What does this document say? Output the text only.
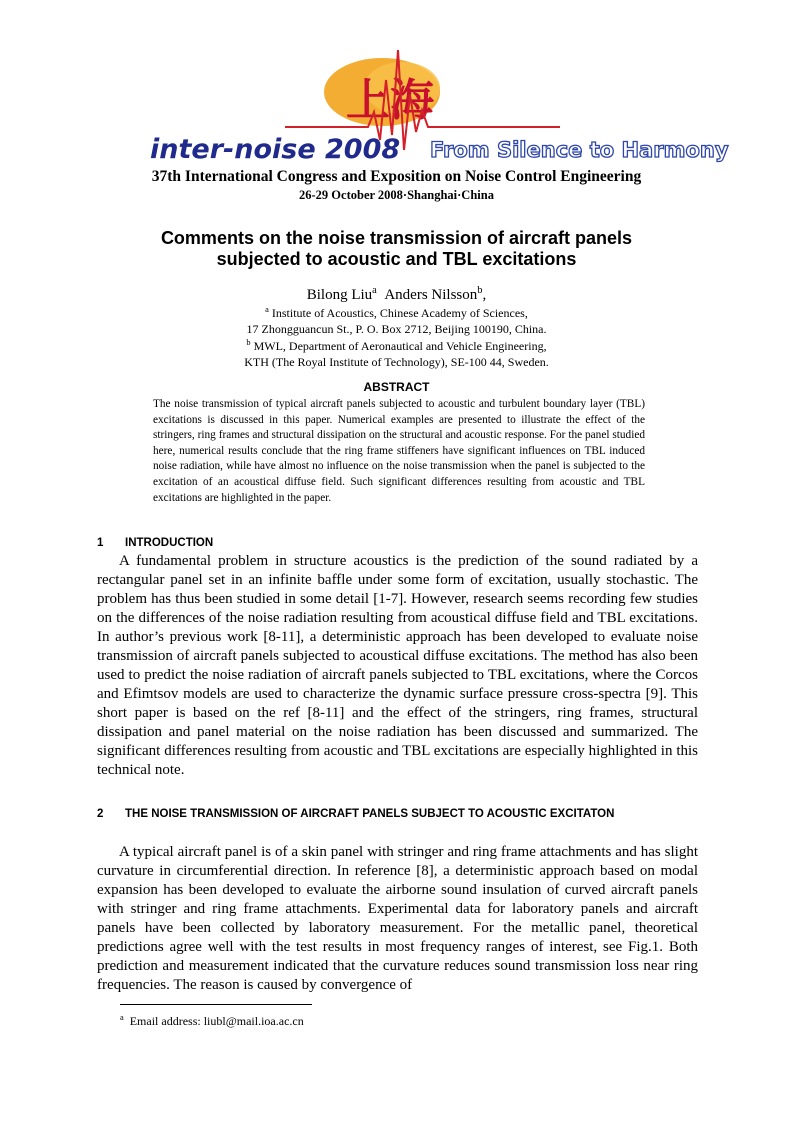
上海
inter-noise 2008 From Silence to Harmony
37th International Congress and Exposition on Noise Control Engineering
26-29 October 2008·Shanghai·China
Comments on the noise transmission of aircraft panels
subjected to acoustic and TBL excitations
Bilong Liu$^a$ Anders Nilsson$^b$,
$^a$ Institute of Acoustics, Chinese Academy of Sciences,
17 Zhongguancun St., P. O. Box 2712, Beijing 100190, China.
$^b$ MWL, Department of Aeronautical and Vehicle Engineering,
KTH (The Royal Institute of Technology), SE-100 44, Sweden.
ABSTRACT
The noise transmission of typical aircraft panels subjected to acoustic and turbulent boundary layer (TBL) excitations is discussed in this paper. Numerical examples are presented to illustrate the effect of the stringers, ring frames and structural dissipation on the structural and acoustic response. For the panel studied here, numerical results conclude that the ring frame stiffeners have significant influences on TBL induced noise radiation, while have almost no influence on the noise transmission when the panel is subjected to the excitation of an acoustical diffuse field. Such significant differences resulting from acoustic and TBL excitations are highlighted in the paper.
1 INTRODUCTION

A fundamental problem in structure acoustics is the prediction of the sound radiated by a rectangular panel set in an infinite baffle under some form of excitation, usually stochastic. The problem has thus been studied in some detail [1-7]. However, research seems recording few studies on the differences of the noise radiation resulting from acoustical diffuse field and TBL excitations. In author’s previous work [8-11], a deterministic approach has been developed to evaluate noise transmission of aircraft panels subjected to acoustical diffuse excitations. The method has also been used to predict the noise radiation of aircraft panels subjected to TBL excitations, where the Corcos and Efimtsov models are used to characterize the dynamic surface pressure cross-spectra [9]. This short paper is based on the ref [8-11] and the effect of the stringers, ring frames, structural dissipation and panel material on the noise radiation has been discussed and summarized. The significant differences resulting from acoustic and TBL excitations are especially highlighted in this technical note.

2 THE NOISE TRANSMISSION OF AIRCRAFT PANELS SUBJECT TO ACOUSTIC EXCITATON

A typical aircraft panel is of a skin panel with stringer and ring frame attachments and has slight curvature in circumferential direction. In reference [8], a deterministic approach based on modal expansion has been developed to evaluate the airborne sound insulation of curved aircraft panels with stringer and ring frame attachments. Experimental data for laboratory panels and aircraft panels have been collected by laboratory measurement. For the metallic panel, theoretical predictions agree well with the test results in most frequency ranges of interest, see Fig.1. Both prediction and measurement indicated that the curvature reduces sound transmission loss near ring frequencies. The reason is caused by convergence of

$^a$ Email address: liubl@mail.ioa.ac.cn
